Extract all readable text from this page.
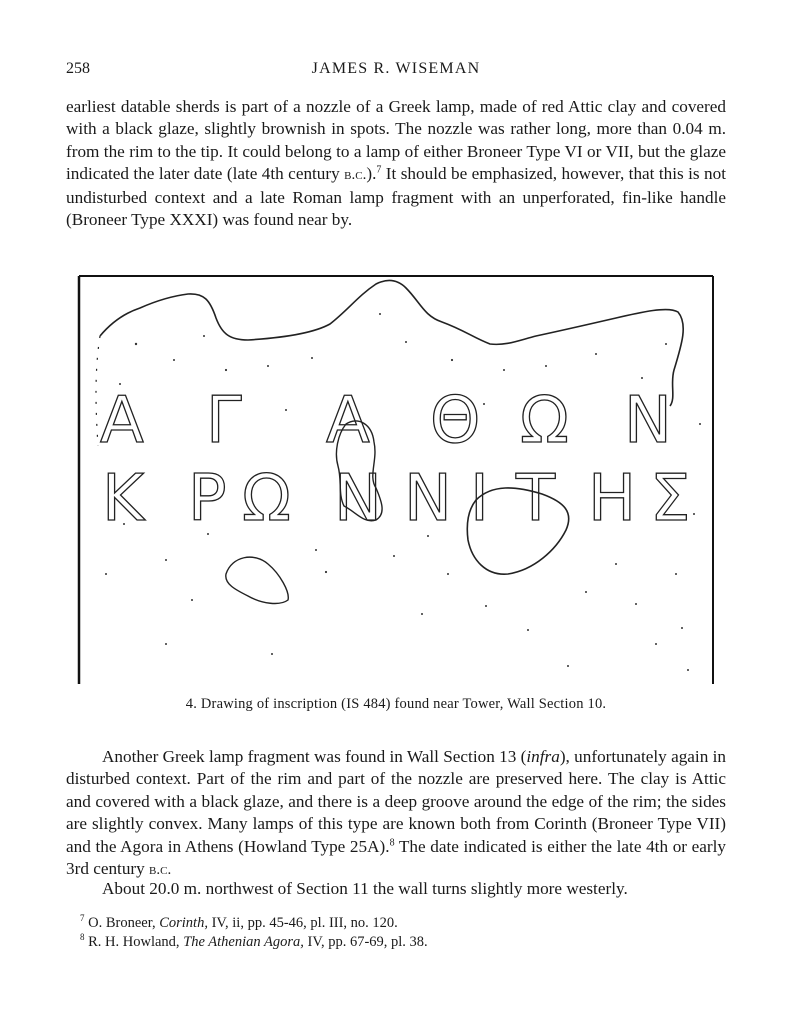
258	JAMES R. WISEMAN

earliest datable sherds is part of a nozzle of a Greek lamp, made of red Attic clay and covered with a black glaze, slightly brownish in spots. The nozzle was rather long, more than 0.04 m. from the rim to the tip. It could belong to a lamp of either Broneer Type VI or VII, but the glaze indicated the later date (late 4th century b.c.).$^7$ It should be emphasized, however, that this is not undisturbed context and a late Roman lamp fragment with an unperforated, fin-like handle (Broneer Type XXXI) was found near by.

Α Γ Α Θ Ω Ν
Κ Ρ Ω Ν Ν Ι Τ Η Σ
4. Drawing of inscription (IS 484) found near Tower, Wall Section 10.

Another Greek lamp fragment was found in Wall Section 13 (infra), unfortunately again in disturbed context. Part of the rim and part of the nozzle are preserved here. The clay is Attic and covered with a black glaze, and there is a deep groove around the edge of the rim; the sides are slightly convex. Many lamps of this type are known both from Corinth (Broneer Type VII) and the Agora in Athens (Howland Type 25A).$^8$ The date indicated is either the late 4th or early 3rd century b.c.

About 20.0 m. northwest of Section 11 the wall turns slightly more westerly.

$^7$ O. Broneer, Corinth, IV, ii, pp. 45-46, pl. III, no. 120.

$^8$ R. H. Howland, The Athenian Agora, IV, pp. 67-69, pl. 38.
